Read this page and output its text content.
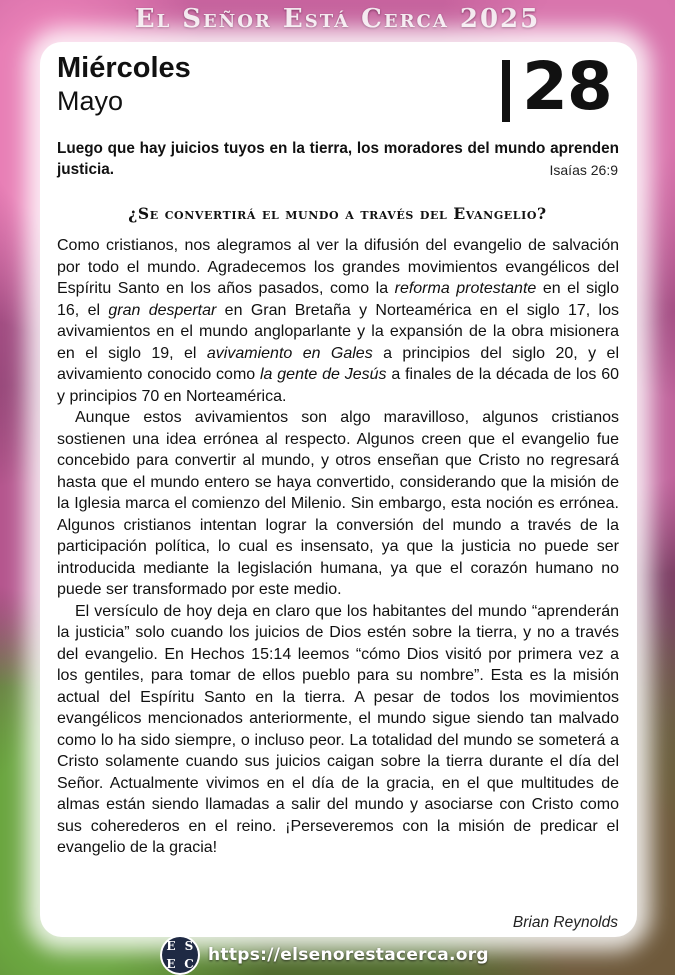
El Señor Está Cerca 2025
Miércoles
Mayo	28
Luego que hay juicios tuyos en la tierra, los moradores del mundo aprenden justicia.	Isaías 26:9
¿Se convertirá el mundo a través del Evangelio?

Como cristianos, nos alegramos al ver la difusión del evangelio de salvación por todo el mundo. Agradecemos los grandes movimientos evangélicos del Espíritu Santo en los años pasados, como la reforma protestante en el siglo 16, el gran despertar en Gran Bretaña y Norteamérica en el siglo 17, los avivamientos en el mundo angloparlante y la expansión de la obra misionera en el siglo 19, el avivamiento en Gales a principios del siglo 20, y el avivamiento conocido como la gente de Jesús a finales de la década de los 60 y principios 70 en Norteamérica.

Aunque estos avivamientos son algo maravilloso, algunos cristianos sostienen una idea errónea al respecto. Algunos creen que el evangelio fue concebido para convertir al mundo, y otros enseñan que Cristo no regresará hasta que el mundo entero se haya convertido, considerando que la misión de la Iglesia marca el comienzo del Milenio. Sin embargo, esta noción es errónea. Algunos cristianos intentan lograr la conversión del mundo a través de la participación política, lo cual es insensato, ya que la justicia no puede ser introducida mediante la legislación humana, ya que el corazón humano no puede ser transformado por este medio.

El versículo de hoy deja en claro que los habitantes del mundo “aprenderán la justicia” solo cuando los juicios de Dios estén sobre la tierra, y no a través del evangelio. En Hechos 15:14 leemos “cómo Dios visitó por primera vez a los gentiles, para tomar de ellos pueblo para su nombre”. Esta es la misión actual del Espíritu Santo en la tierra. A pesar de todos los movimientos evangélicos mencionados anteriormente, el mundo sigue siendo tan malvado como lo ha sido siempre, o incluso peor. La totalidad del mundo se someterá a Cristo solamente cuando sus juicios caigan sobre la tierra durante el día del Señor. Actualmente vivimos en el día de la gracia, en el que multitudes de almas están siendo llamadas a salir del mundo y asociarse con Cristo como sus coherederos en el reino. ¡Perseveremos con la misión de predicar el evangelio de la gracia!

Brian Reynolds
E S
E C https://elsenorestacerca.org
